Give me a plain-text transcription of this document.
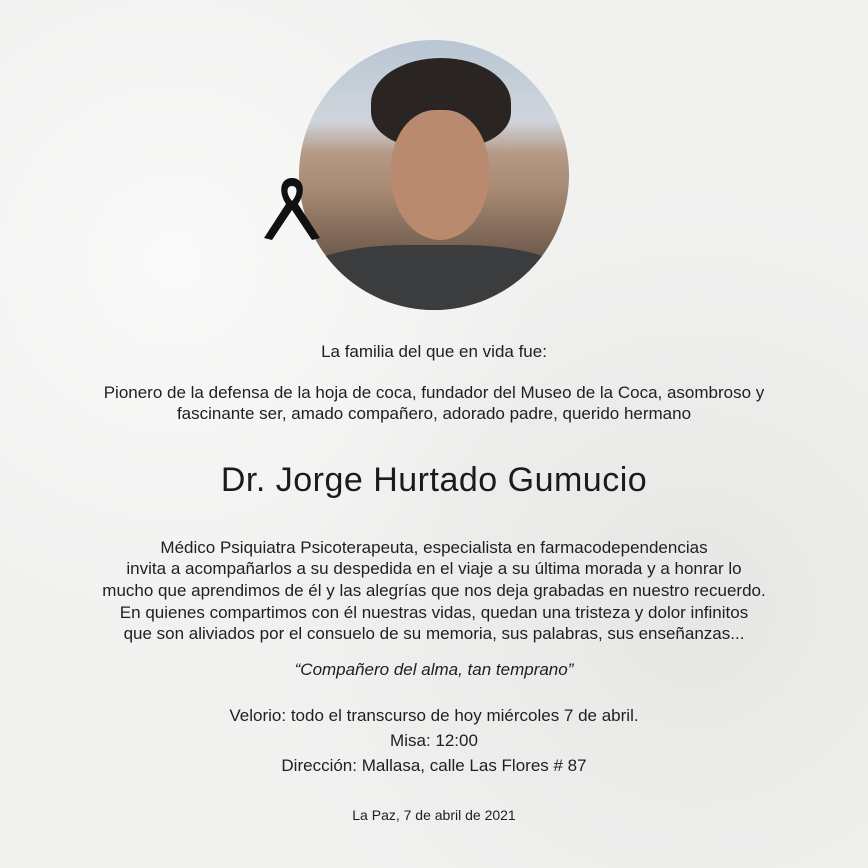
La familia del que en vida fue:
Pionero de la defensa de la hoja de coca, fundador del Museo de la Coca, asombroso y
fascinante ser, amado compañero, adorado padre, querido hermano
Dr. Jorge Hurtado Gumucio
Médico Psiquiatra Psicoterapeuta, especialista en farmacodependencias
invita a acompañarlos a su despedida en el viaje a su última morada y a honrar lo
mucho que aprendimos de él y las alegrías que nos deja grabadas en nuestro recuerdo.
En quienes compartimos con él nuestras vidas, quedan una tristeza y dolor infinitos
que son aliviados por el consuelo de su memoria, sus palabras, sus enseñanzas...
“Compañero del alma, tan temprano”
Velorio: todo el transcurso de hoy miércoles 7 de abril.
Misa: 12:00
Dirección: Mallasa, calle Las Flores # 87
La Paz, 7 de abril de 2021
